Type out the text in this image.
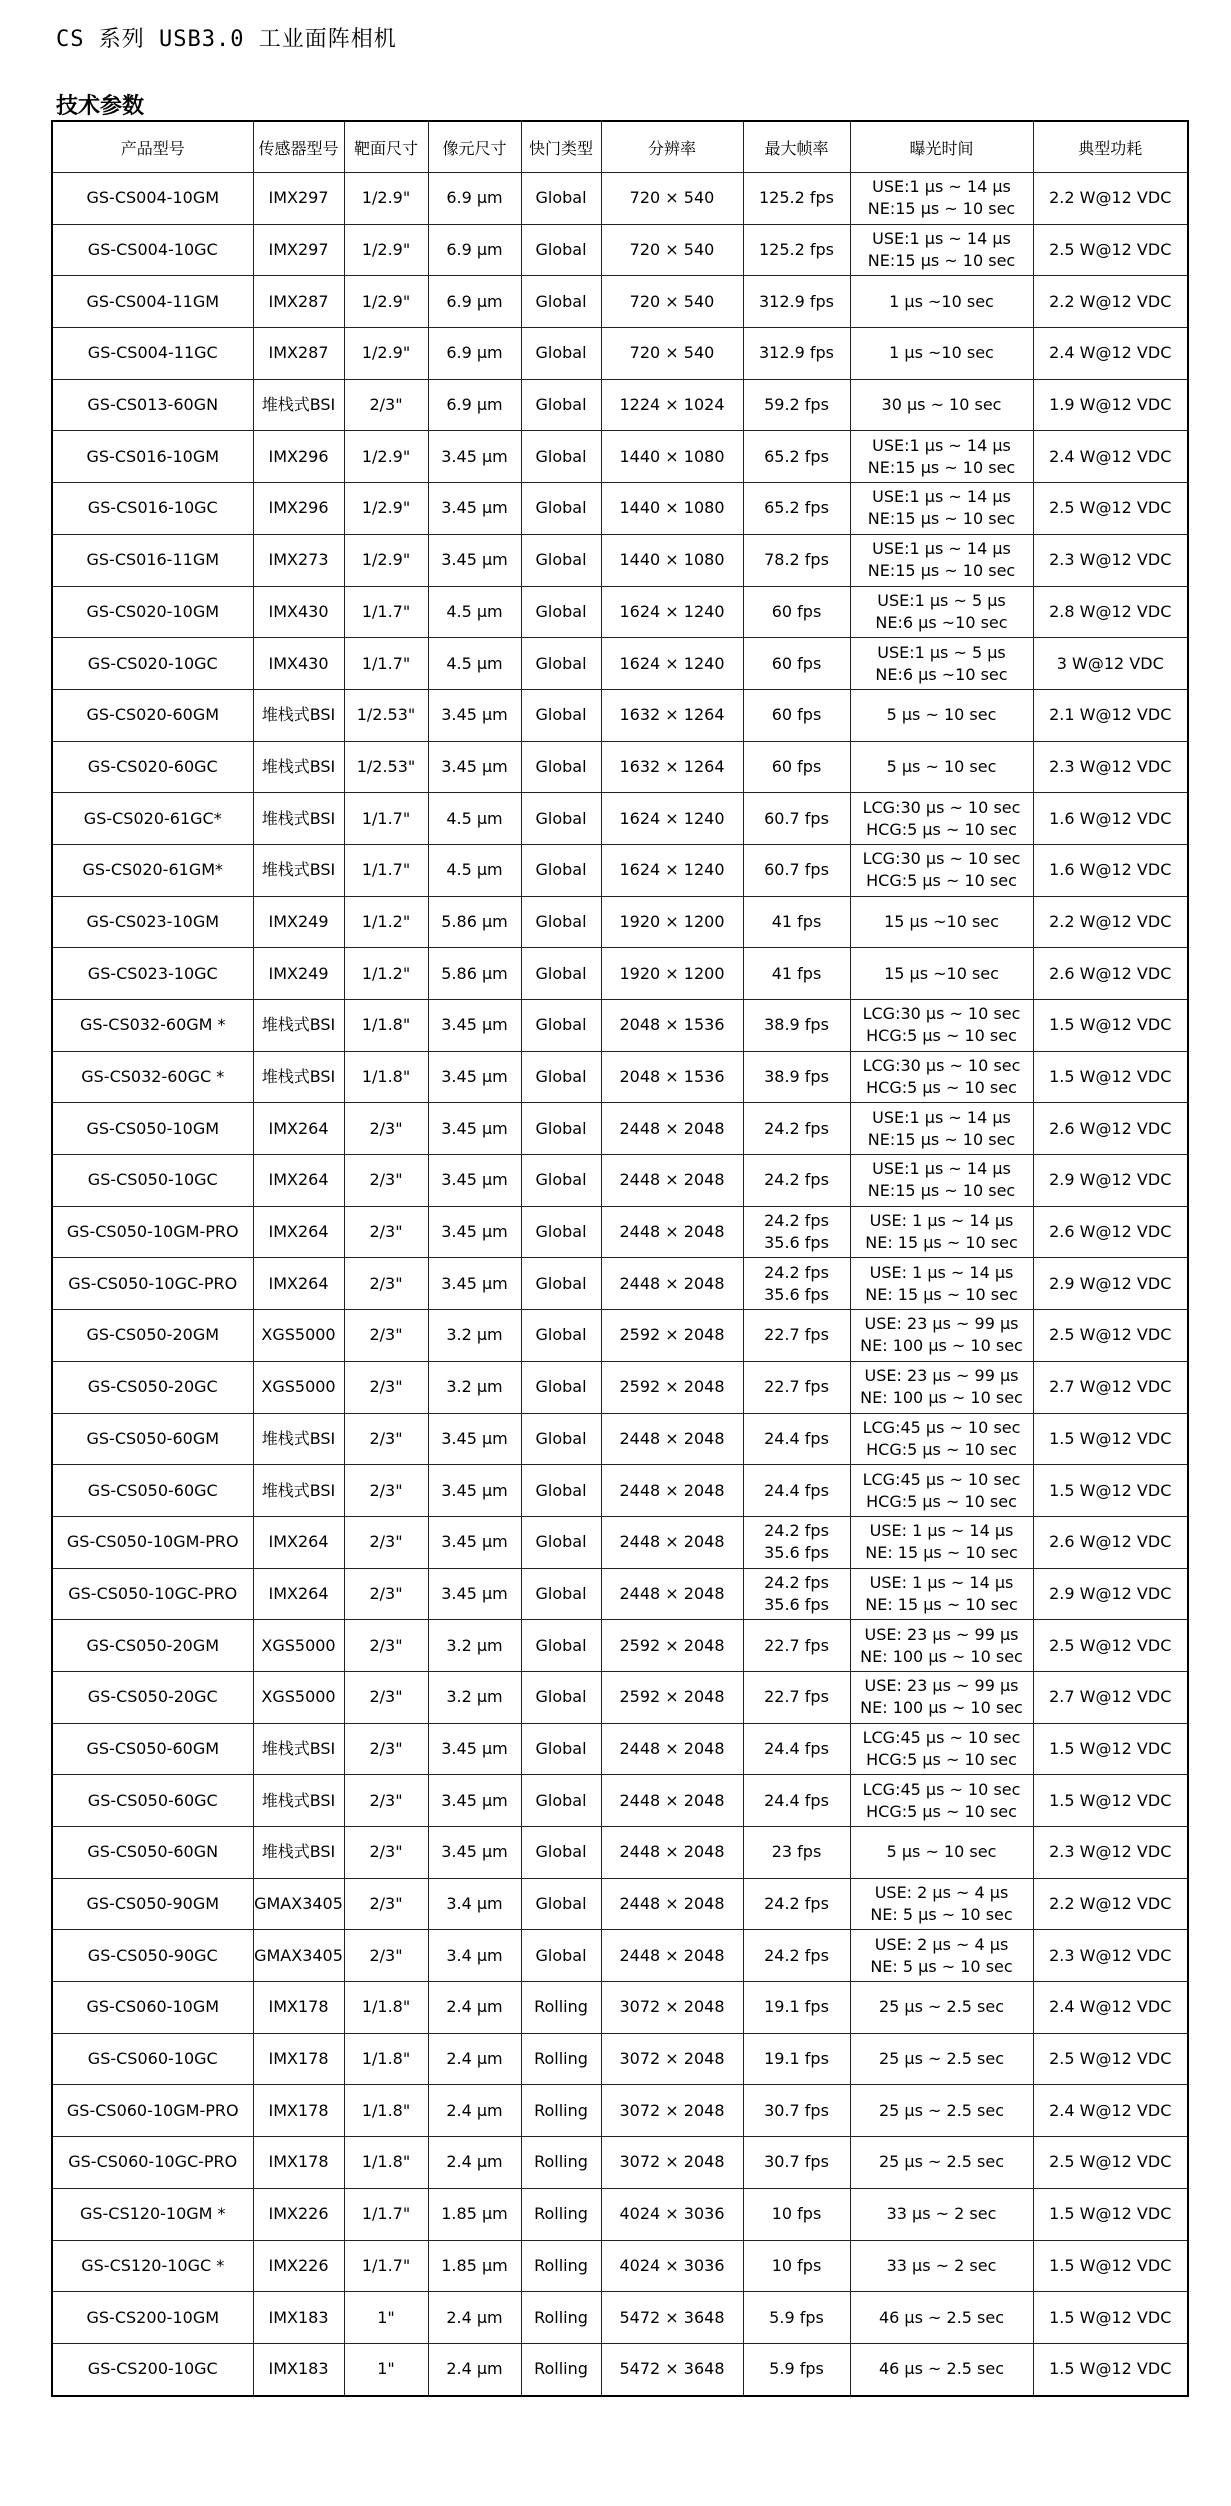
CS 系列 USB3.0 工业面阵相机
技术参数
产品型号	传感器型号	靶面尺寸	像元尺寸	快门类型	分辨率	最大帧率	曝光时间	典型功耗
GS-CS004-10GM	IMX297	1/2.9"	6.9 μm	Global	720 × 540	125.2 fps	USE:1 μs ~ 14 μs
NE:15 μs ~ 10 sec	2.2 W@12 VDC
GS-CS004-10GC	IMX297	1/2.9"	6.9 μm	Global	720 × 540	125.2 fps	USE:1 μs ~ 14 μs
NE:15 μs ~ 10 sec	2.5 W@12 VDC
GS-CS004-11GM	IMX287	1/2.9"	6.9 μm	Global	720 × 540	312.9 fps	1 μs ~10 sec	2.2 W@12 VDC
GS-CS004-11GC	IMX287	1/2.9"	6.9 μm	Global	720 × 540	312.9 fps	1 μs ~10 sec	2.4 W@12 VDC
GS-CS013-60GN	堆栈式BSI	2/3"	6.9 μm	Global	1224 × 1024	59.2 fps	30 μs ~ 10 sec	1.9 W@12 VDC
GS-CS016-10GM	IMX296	1/2.9"	3.45 μm	Global	1440 × 1080	65.2 fps	USE:1 μs ~ 14 μs
NE:15 μs ~ 10 sec	2.4 W@12 VDC
GS-CS016-10GC	IMX296	1/2.9"	3.45 μm	Global	1440 × 1080	65.2 fps	USE:1 μs ~ 14 μs
NE:15 μs ~ 10 sec	2.5 W@12 VDC
GS-CS016-11GM	IMX273	1/2.9"	3.45 μm	Global	1440 × 1080	78.2 fps	USE:1 μs ~ 14 μs
NE:15 μs ~ 10 sec	2.3 W@12 VDC
GS-CS020-10GM	IMX430	1/1.7"	4.5 μm	Global	1624 × 1240	60 fps	USE:1 μs ~ 5 μs
NE:6 μs ~10 sec	2.8 W@12 VDC
GS-CS020-10GC	IMX430	1/1.7"	4.5 μm	Global	1624 × 1240	60 fps	USE:1 μs ~ 5 μs
NE:6 μs ~10 sec	3 W@12 VDC
GS-CS020-60GM	堆栈式BSI	1/2.53"	3.45 μm	Global	1632 × 1264	60 fps	5 μs ~ 10 sec	2.1 W@12 VDC
GS-CS020-60GC	堆栈式BSI	1/2.53"	3.45 μm	Global	1632 × 1264	60 fps	5 μs ~ 10 sec	2.3 W@12 VDC
GS-CS020-61GC*	堆栈式BSI	1/1.7"	4.5 μm	Global	1624 × 1240	60.7 fps	LCG:30 μs ~ 10 sec
HCG:5 μs ~ 10 sec	1.6 W@12 VDC
GS-CS020-61GM*	堆栈式BSI	1/1.7"	4.5 μm	Global	1624 × 1240	60.7 fps	LCG:30 μs ~ 10 sec
HCG:5 μs ~ 10 sec	1.6 W@12 VDC
GS-CS023-10GM	IMX249	1/1.2"	5.86 μm	Global	1920 × 1200	41 fps	15 μs ~10 sec	2.2 W@12 VDC
GS-CS023-10GC	IMX249	1/1.2"	5.86 μm	Global	1920 × 1200	41 fps	15 μs ~10 sec	2.6 W@12 VDC
GS-CS032-60GM *	堆栈式BSI	1/1.8"	3.45 μm	Global	2048 × 1536	38.9 fps	LCG:30 μs ~ 10 sec
HCG:5 μs ~ 10 sec	1.5 W@12 VDC
GS-CS032-60GC *	堆栈式BSI	1/1.8"	3.45 μm	Global	2048 × 1536	38.9 fps	LCG:30 μs ~ 10 sec
HCG:5 μs ~ 10 sec	1.5 W@12 VDC
GS-CS050-10GM	IMX264	2/3"	3.45 μm	Global	2448 × 2048	24.2 fps	USE:1 μs ~ 14 μs
NE:15 μs ~ 10 sec	2.6 W@12 VDC
GS-CS050-10GC	IMX264	2/3"	3.45 μm	Global	2448 × 2048	24.2 fps	USE:1 μs ~ 14 μs
NE:15 μs ~ 10 sec	2.9 W@12 VDC
GS-CS050-10GM-PRO	IMX264	2/3"	3.45 μm	Global	2448 × 2048	24.2 fps
35.6 fps	USE: 1 μs ~ 14 μs
NE: 15 μs ~ 10 sec	2.6 W@12 VDC
GS-CS050-10GC-PRO	IMX264	2/3"	3.45 μm	Global	2448 × 2048	24.2 fps
35.6 fps	USE: 1 μs ~ 14 μs
NE: 15 μs ~ 10 sec	2.9 W@12 VDC
GS-CS050-20GM	XGS5000	2/3"	3.2 μm	Global	2592 × 2048	22.7 fps	USE: 23 μs ~ 99 μs
NE: 100 μs ~ 10 sec	2.5 W@12 VDC
GS-CS050-20GC	XGS5000	2/3"	3.2 μm	Global	2592 × 2048	22.7 fps	USE: 23 μs ~ 99 μs
NE: 100 μs ~ 10 sec	2.7 W@12 VDC
GS-CS050-60GM	堆栈式BSI	2/3"	3.45 μm	Global	2448 × 2048	24.4 fps	LCG:45 μs ~ 10 sec
HCG:5 μs ~ 10 sec	1.5 W@12 VDC
GS-CS050-60GC	堆栈式BSI	2/3"	3.45 μm	Global	2448 × 2048	24.4 fps	LCG:45 μs ~ 10 sec
HCG:5 μs ~ 10 sec	1.5 W@12 VDC
GS-CS050-10GM-PRO	IMX264	2/3"	3.45 μm	Global	2448 × 2048	24.2 fps
35.6 fps	USE: 1 μs ~ 14 μs
NE: 15 μs ~ 10 sec	2.6 W@12 VDC
GS-CS050-10GC-PRO	IMX264	2/3"	3.45 μm	Global	2448 × 2048	24.2 fps
35.6 fps	USE: 1 μs ~ 14 μs
NE: 15 μs ~ 10 sec	2.9 W@12 VDC
GS-CS050-20GM	XGS5000	2/3"	3.2 μm	Global	2592 × 2048	22.7 fps	USE: 23 μs ~ 99 μs
NE: 100 μs ~ 10 sec	2.5 W@12 VDC
GS-CS050-20GC	XGS5000	2/3"	3.2 μm	Global	2592 × 2048	22.7 fps	USE: 23 μs ~ 99 μs
NE: 100 μs ~ 10 sec	2.7 W@12 VDC
GS-CS050-60GM	堆栈式BSI	2/3"	3.45 μm	Global	2448 × 2048	24.4 fps	LCG:45 μs ~ 10 sec
HCG:5 μs ~ 10 sec	1.5 W@12 VDC
GS-CS050-60GC	堆栈式BSI	2/3"	3.45 μm	Global	2448 × 2048	24.4 fps	LCG:45 μs ~ 10 sec
HCG:5 μs ~ 10 sec	1.5 W@12 VDC
GS-CS050-60GN	堆栈式BSI	2/3"	3.45 μm	Global	2448 × 2048	23 fps	5 μs ~ 10 sec	2.3 W@12 VDC
GS-CS050-90GM	GMAX3405	2/3"	3.4 μm	Global	2448 × 2048	24.2 fps	USE: 2 μs ~ 4 μs
NE: 5 μs ~ 10 sec	2.2 W@12 VDC
GS-CS050-90GC	GMAX3405	2/3"	3.4 μm	Global	2448 × 2048	24.2 fps	USE: 2 μs ~ 4 μs
NE: 5 μs ~ 10 sec	2.3 W@12 VDC
GS-CS060-10GM	IMX178	1/1.8"	2.4 μm	Rolling	3072 × 2048	19.1 fps	25 μs ~ 2.5 sec	2.4 W@12 VDC
GS-CS060-10GC	IMX178	1/1.8"	2.4 μm	Rolling	3072 × 2048	19.1 fps	25 μs ~ 2.5 sec	2.5 W@12 VDC
GS-CS060-10GM-PRO	IMX178	1/1.8"	2.4 μm	Rolling	3072 × 2048	30.7 fps	25 μs ~ 2.5 sec	2.4 W@12 VDC
GS-CS060-10GC-PRO	IMX178	1/1.8"	2.4 μm	Rolling	3072 × 2048	30.7 fps	25 μs ~ 2.5 sec	2.5 W@12 VDC
GS-CS120-10GM *	IMX226	1/1.7"	1.85 μm	Rolling	4024 × 3036	10 fps	33 μs ~ 2 sec	1.5 W@12 VDC
GS-CS120-10GC *	IMX226	1/1.7"	1.85 μm	Rolling	4024 × 3036	10 fps	33 μs ~ 2 sec	1.5 W@12 VDC
GS-CS200-10GM	IMX183	1"	2.4 μm	Rolling	5472 × 3648	5.9 fps	46 μs ~ 2.5 sec	1.5 W@12 VDC
GS-CS200-10GC	IMX183	1"	2.4 μm	Rolling	5472 × 3648	5.9 fps	46 μs ~ 2.5 sec	1.5 W@12 VDC
